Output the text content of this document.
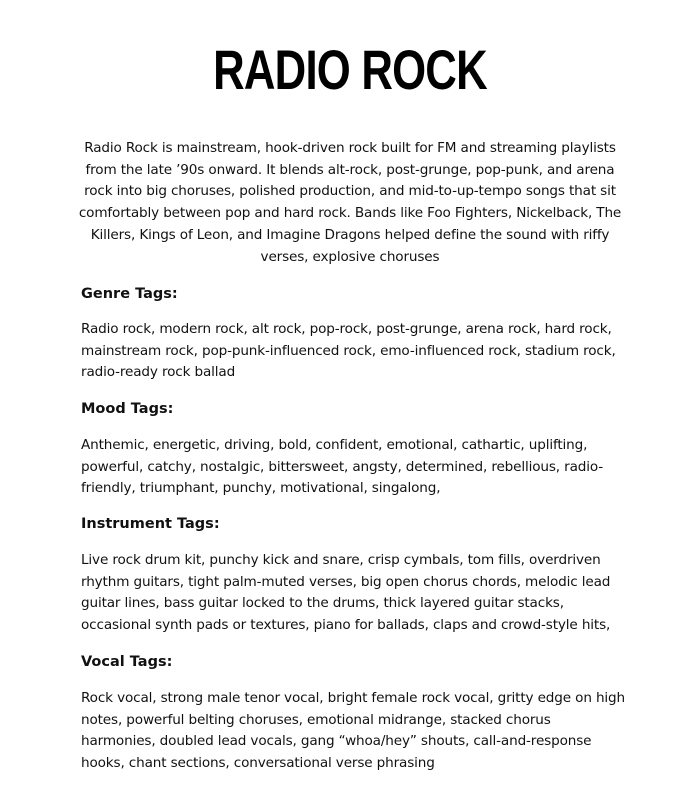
RADIO ROCK
Radio Rock is mainstream, hook-driven rock built for FM and streaming playlists from the late ’90s onward. It blends alt-rock, post-grunge, pop-punk, and arena rock into big choruses, polished production, and mid-to-up-tempo songs that sit comfortably between pop and hard rock. Bands like Foo Fighters, Nickelback, The Killers, Kings of Leon, and Imagine Dragons helped define the sound with riffy verses, explosive choruses
Genre Tags:
Radio rock, modern rock, alt rock, pop-rock, post-grunge, arena rock, hard rock, mainstream rock, pop-punk-influenced rock, emo-influenced rock, stadium rock, radio-ready rock ballad
Mood Tags:
Anthemic, energetic, driving, bold, confident, emotional, cathartic, uplifting, powerful, catchy, nostalgic, bittersweet, angsty, determined, rebellious, radio-friendly, triumphant, punchy, motivational, singalong,
Instrument Tags:
Live rock drum kit, punchy kick and snare, crisp cymbals, tom fills, overdriven rhythm guitars, tight palm-muted verses, big open chorus chords, melodic lead guitar lines, bass guitar locked to the drums, thick layered guitar stacks, occasional synth pads or textures, piano for ballads, claps and crowd-style hits,
Vocal Tags:
Rock vocal, strong male tenor vocal, bright female rock vocal, gritty edge on high notes, powerful belting choruses, emotional midrange, stacked chorus harmonies, doubled lead vocals, gang “whoa/hey” shouts, call-and-response hooks, chant sections, conversational verse phrasing
